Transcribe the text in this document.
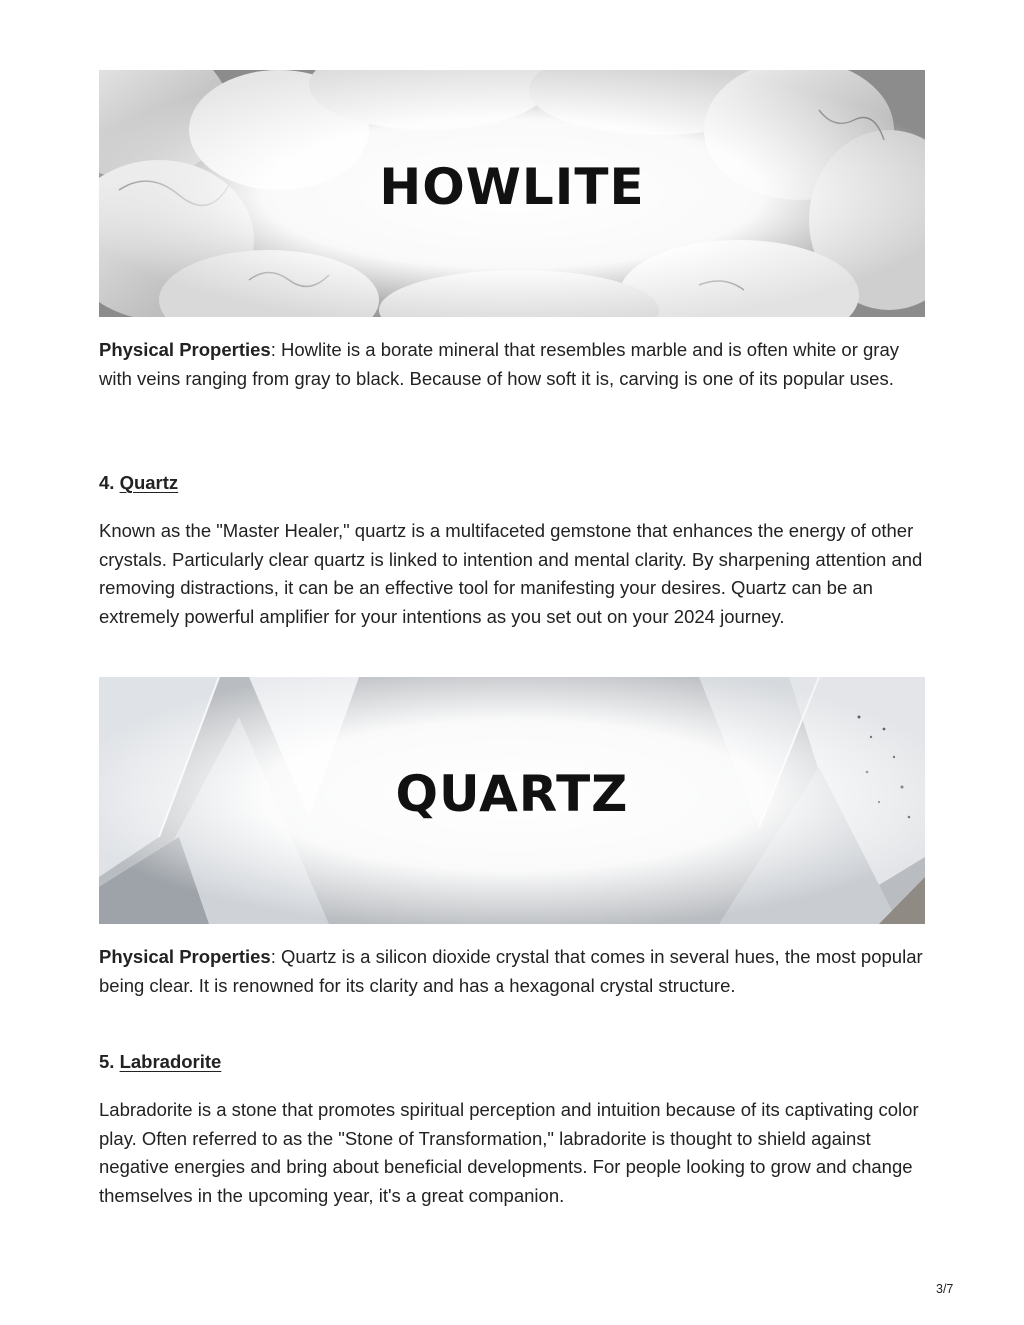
HOWLITE

Physical Properties: Howlite is a borate mineral that resembles marble and is often white or gray with veins ranging from gray to black. Because of how soft it is, carving is one of its popular uses.

4. Quartz

Known as the "Master Healer," quartz is a multifaceted gemstone that enhances the energy of other crystals. Particularly clear quartz is linked to intention and mental clarity. By sharpening attention and removing distractions, it can be an effective tool for manifesting your desires. Quartz can be an extremely powerful amplifier for your intentions as you set out on your 2024 journey.

QUARTZ

Physical Properties: Quartz is a silicon dioxide crystal that comes in several hues, the most popular being clear. It is renowned for its clarity and has a hexagonal crystal structure.

5. Labradorite

Labradorite is a stone that promotes spiritual perception and intuition because of its captivating color play. Often referred to as the "Stone of Transformation," labradorite is thought to shield against negative energies and bring about beneficial developments. For people looking to grow and change themselves in the upcoming year, it's a great companion.

3/7
